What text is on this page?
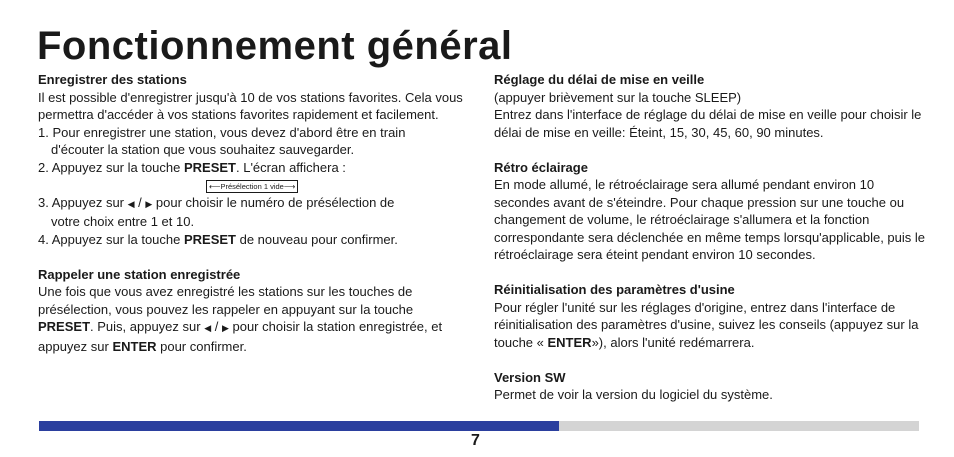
Fonctionnement général

Enregistrer des stations

Il est possible d'enregistrer jusqu'à 10 de vos stations favorites. Cela vous permettra d'accéder à vos stations favorites rapidement et facilement.

1. Pour enregistrer une station, vous devez d'abord être en train
d'écouter la station que vous souhaitez sauvegarder.
2. Appuyez sur la touche PRESET. L'écran affichera :
⟵Présélection 1 vide⟶
3. Appuyez sur ◀ / ▶ pour choisir le numéro de présélection de
votre choix entre 1 et 10.
4. Appuyez sur la touche PRESET de nouveau pour confirmer.

Rappeler une station enregistrée

Une fois que vous avez enregistré les stations sur les touches de présélection, vous pouvez les rappeler en appuyant sur la touche PRESET. Puis, appuyez sur ◀ / ▶ pour choisir la station enregistrée, et appuyez sur ENTER pour confirmer.

Réglage du délai de mise en veille

(appuyer brièvement sur la touche SLEEP)

Entrez dans l'interface de réglage du délai de mise en veille pour choisir le délai de mise en veille: Éteint, 15, 30, 45, 60, 90 minutes.

Rétro éclairage

En mode allumé, le rétroéclairage sera allumé pendant environ 10 secondes avant de s'éteindre. Pour chaque pression sur une touche ou changement de volume, le rétroéclairage s'allumera et la fonction correspondante sera déclenchée en même temps lorsqu'applicable, puis le rétroéclairage sera éteint pendant environ 10 secondes.

Réinitialisation des paramètres d'usine

Pour régler l'unité sur les réglages d'origine, entrez dans l'interface de réinitialisation des paramètres d'usine, suivez les conseils (appuyez sur la touche « ENTER»), alors l'unité redémarrera.

Version SW

Permet de voir la version du logiciel du système.

7
